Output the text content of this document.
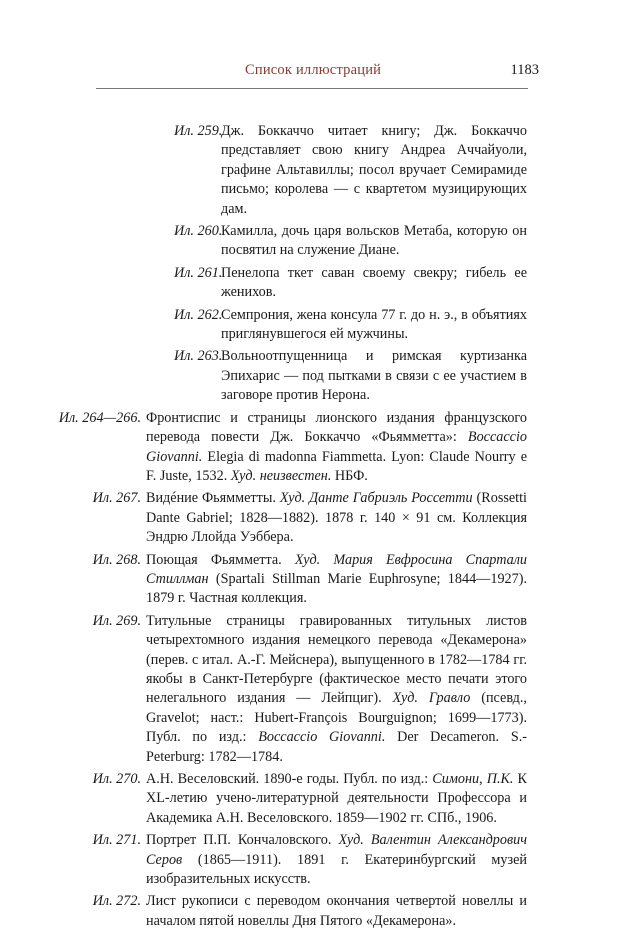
Список иллюстраций	1183

Ил. 259.
Дж. Боккаччо читает книгу; Дж. Боккаччо представляет свою книгу Андреа Аччайуоли, графине Альтавиллы; посол вручает Семирамиде письмо; королева — с квартетом музицирующих дам.

Ил. 260.
Камилла, дочь царя вольсков Метаба, которую он посвятил на служение Диане.

Ил. 261.
Пенелопа ткет саван своему свекру; гибель ее женихов.

Ил. 262.
Семпрония, жена консула 77 г. до н. э., в объятиях приглянувшегося ей мужчины.

Ил. 263.
Вольноотпущенница и римская куртизанка Эпихарис — под пытками в связи с ее участием в заговоре против Нерона.

Ил. 264—266. Фронтиспис и страницы лионского издания французского перевода повести Дж. Боккаччо «Фьямметта»: Boccaccio Giovanni. Elegia di madonna Fiammetta. Lyon: Claude Nourry e F. Juste, 1532. Худ. неизвестен. НБФ.

Ил. 267. Видéние Фьямметты. Худ. Данте Габриэль Россетти (Rossetti Dante Gabriel; 1828—1882). 1878 г. 140 × 91 см. Коллекция Эндрю Ллойда Уэббера.

Ил. 268. Поющая Фьямметта. Худ. Мария Евфросина Спартали Стиллман (Spartali Stillman Marie Euphrosyne; 1844—1927). 1879 г. Частная коллекция.

Ил. 269. Титульные страницы гравированных титульных листов четырехтомного издания немецкого перевода «Декамерона» (перев. с итал. А.-Г. Мейснера), выпущенного в 1782—1784 гг. якобы в Санкт-Петербурге (фактическое место печати этого нелегального издания — Лейпциг). Худ. Гравло (псевд., Gravelot; наст.: Hubert-François Bourguignon; 1699—1773). Публ. по изд.: Boccaccio Giovanni. Der Decameron. S.-Peterburg: 1782—1784.

Ил. 270. А.Н. Веселовский. 1890-е годы. Публ. по изд.: Симони, П.К. К XL-летию учено-литературной деятельности Профессора и Академика А.Н. Веселовского. 1859—1902 гг. СПб., 1906.

Ил. 271. Портрет П.П. Кончаловского. Худ. Валентин Александрович Серов (1865—1911). 1891 г. Екатеринбургский музей изобразительных искусств.

Ил. 272. Лист рукописи с переводом окончания четвертой новеллы и началом пятой новеллы Дня Пятого «Декамерона».
